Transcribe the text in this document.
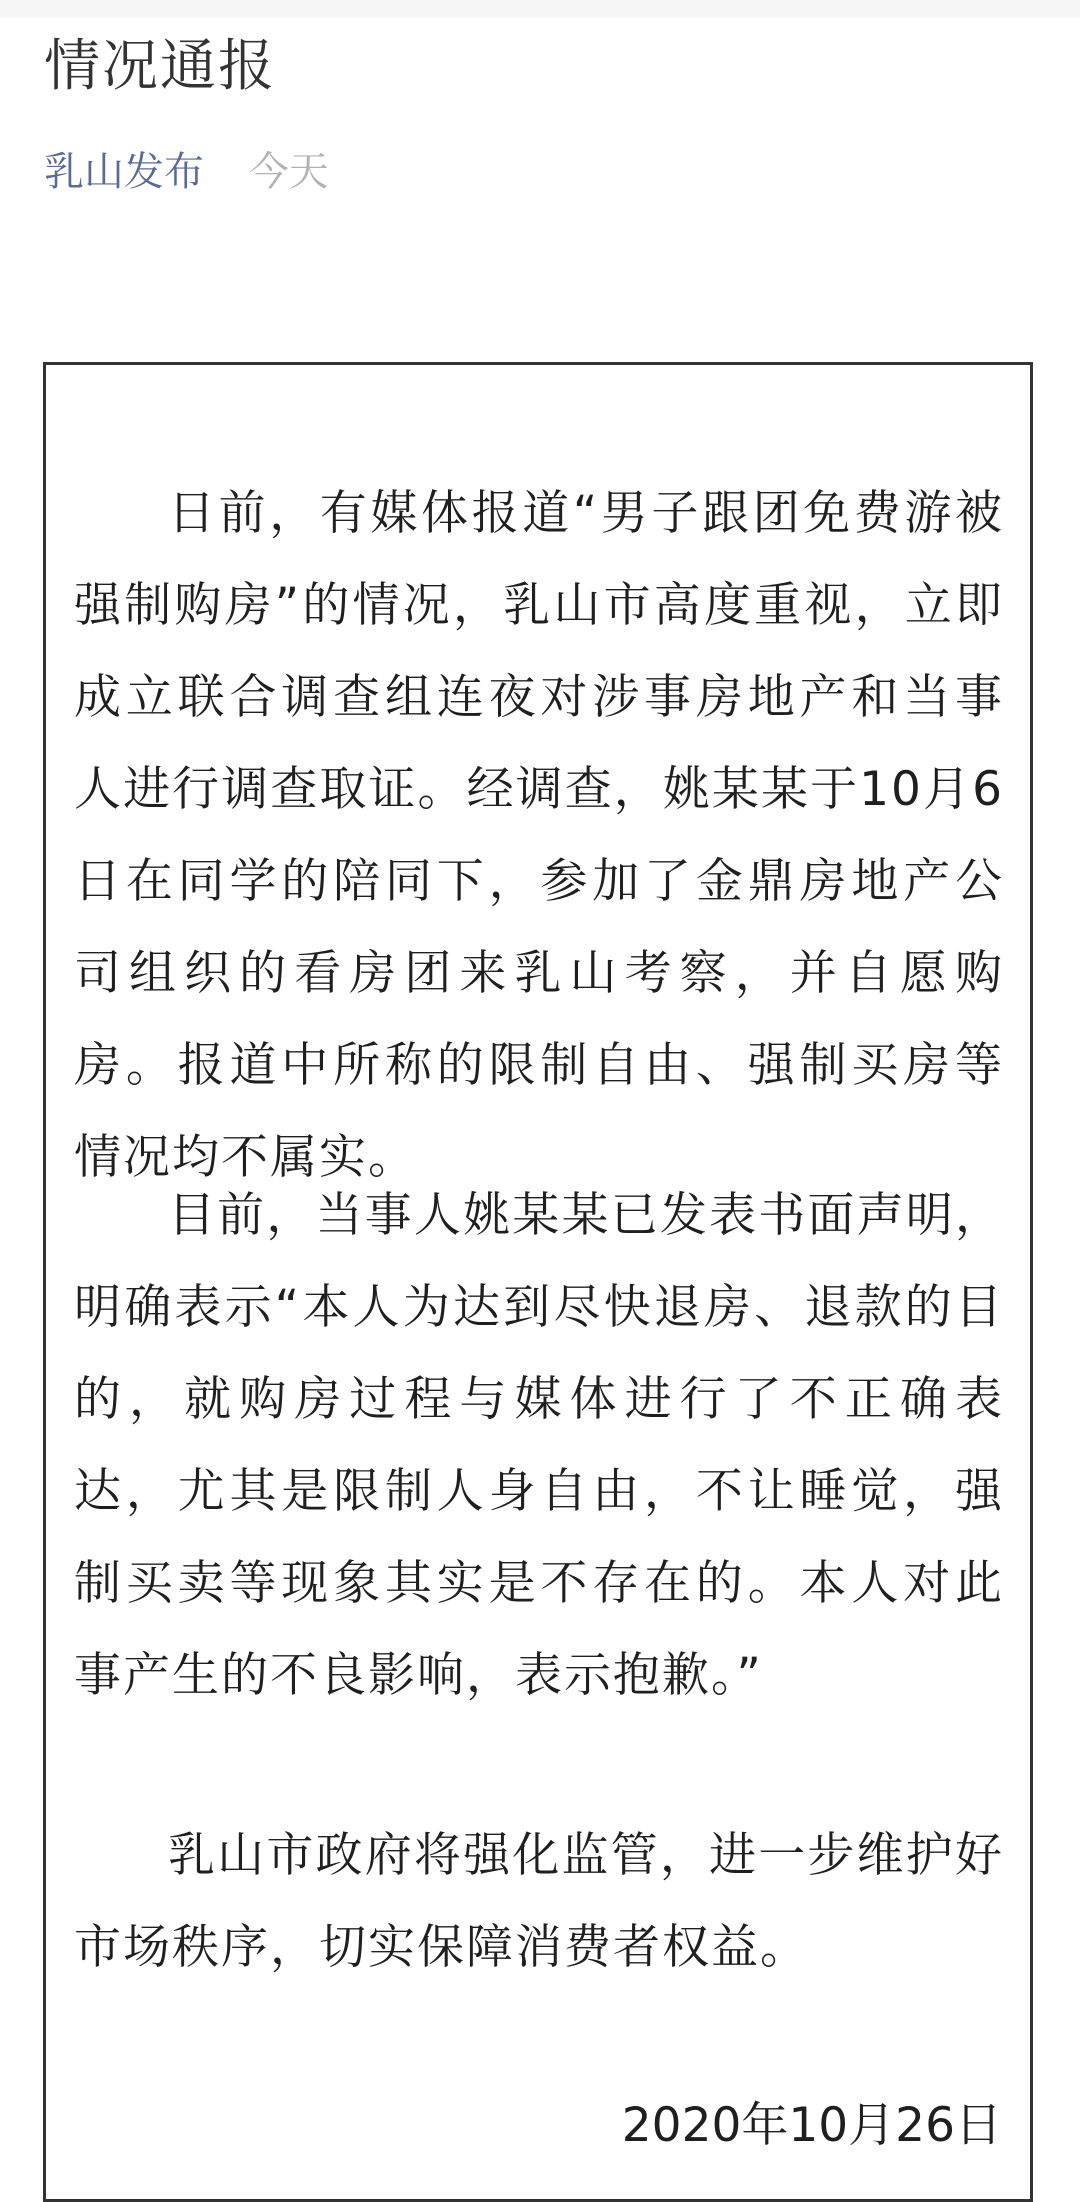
情况通报
乳山发布 今天

日前，有媒体报道“男子跟团免费游被强制购房”的情况，乳山市高度重视，立即成立联合调查组连夜对涉事房地产和当事人进行调查取证。经调查，姚某某于10月6日在同学的陪同下，参加了金鼎房地产公司组织的看房团来乳山考察，并自愿购房。报道中所称的限制自由、强制买房等情况均不属实。

目前，当事人姚某某已发表书面声明，明确表示“本人为达到尽快退房、退款的目的，就购房过程与媒体进行了不正确表达，尤其是限制人身自由，不让睡觉，强制买卖等现象其实是不存在的。本人对此事产生的不良影响，表示抱歉。”

乳山市政府将强化监管，进一步维护好市场秩序，切实保障消费者权益。

2020年10月26日
